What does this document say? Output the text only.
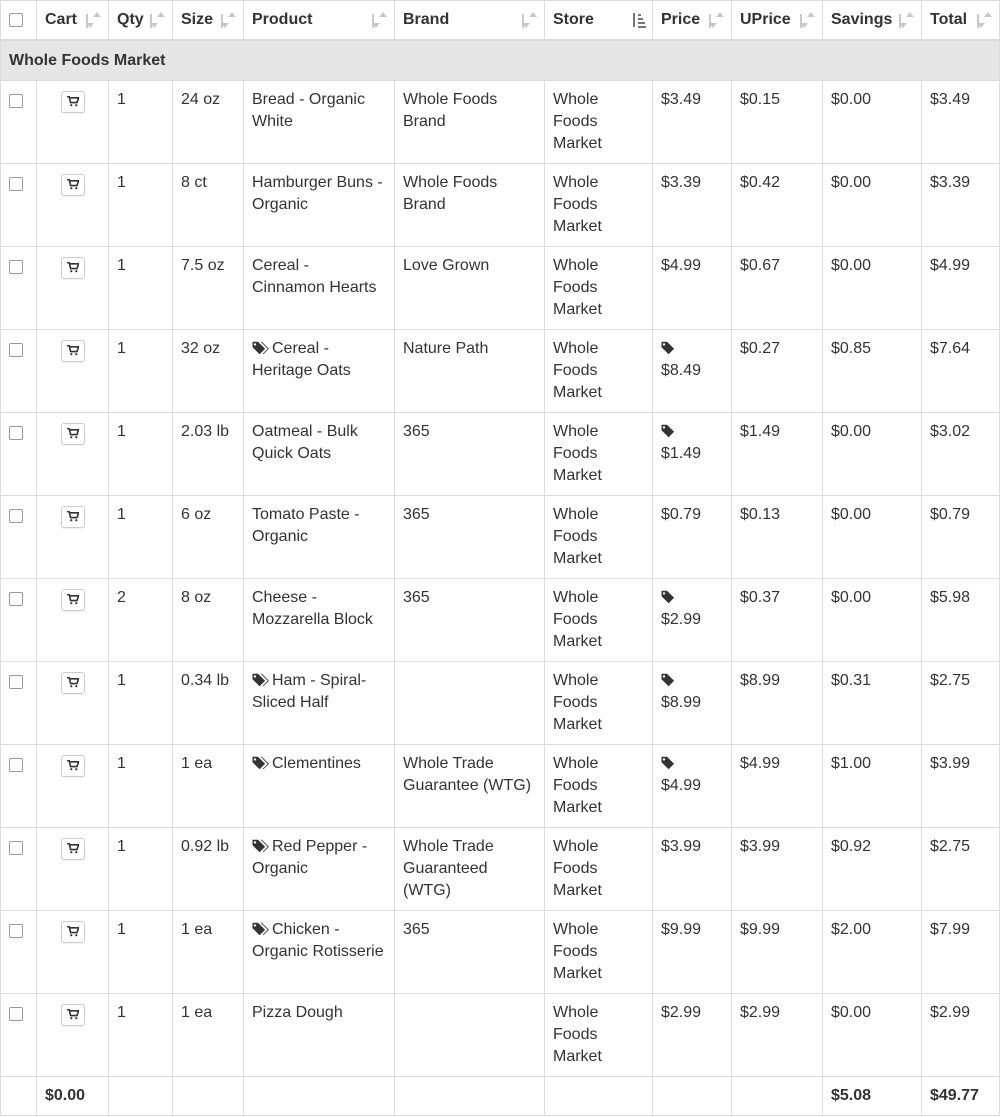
	Cart	Qty	Size	Product	Brand	Store	Price	UPrice	Savings	Total

Whole Foods Market										

	1	24 oz	Bread - Organic White	Whole Foods Brand	Whole Foods Market	$3.49	$0.15	$0.00	$3.49

	1	8 ct	Hamburger Buns - Organic	Whole Foods Brand	Whole Foods Market	$3.39	$0.42	$0.00	$3.39

	1	7.5 oz	Cereal - Cinnamon Hearts	Love Grown	Whole Foods Market	$4.99	$0.67	$0.00	$4.99

	1	32 oz	Cereal - Heritage Oats	Nature Path	Whole Foods Market	$8.49	$0.27	$0.85	$7.64

	1	2.03 lb	Oatmeal - Bulk Quick Oats	365	Whole Foods Market	$1.49	$1.49	$0.00	$3.02

	1	6 oz	Tomato Paste - Organic	365	Whole Foods Market	$0.79	$0.13	$0.00	$0.79

	2	8 oz	Cheese - Mozzarella Block	365	Whole Foods Market	$2.99	$0.37	$0.00	$5.98

	1	0.34 lb	Ham - Spiral-Sliced Half		Whole Foods Market	$8.99	$8.99	$0.31	$2.75

	1	1 ea	Clementines	Whole Trade Guarantee (WTG)	Whole Foods Market	$4.99	$4.99	$1.00	$3.99

	1	0.92 lb	Red Pepper - Organic	Whole Trade Guaranteed (WTG)	Whole Foods Market	$3.99	$3.99	$0.92	$2.75

	1	1 ea	Chicken - Organic Rotisserie	365	Whole Foods Market	$9.99	$9.99	$2.00	$7.99

	1	1 ea	Pizza Dough		Whole Foods Market	$2.99	$2.99	$0.00	$2.99
	$0.00								$5.08	$49.77
